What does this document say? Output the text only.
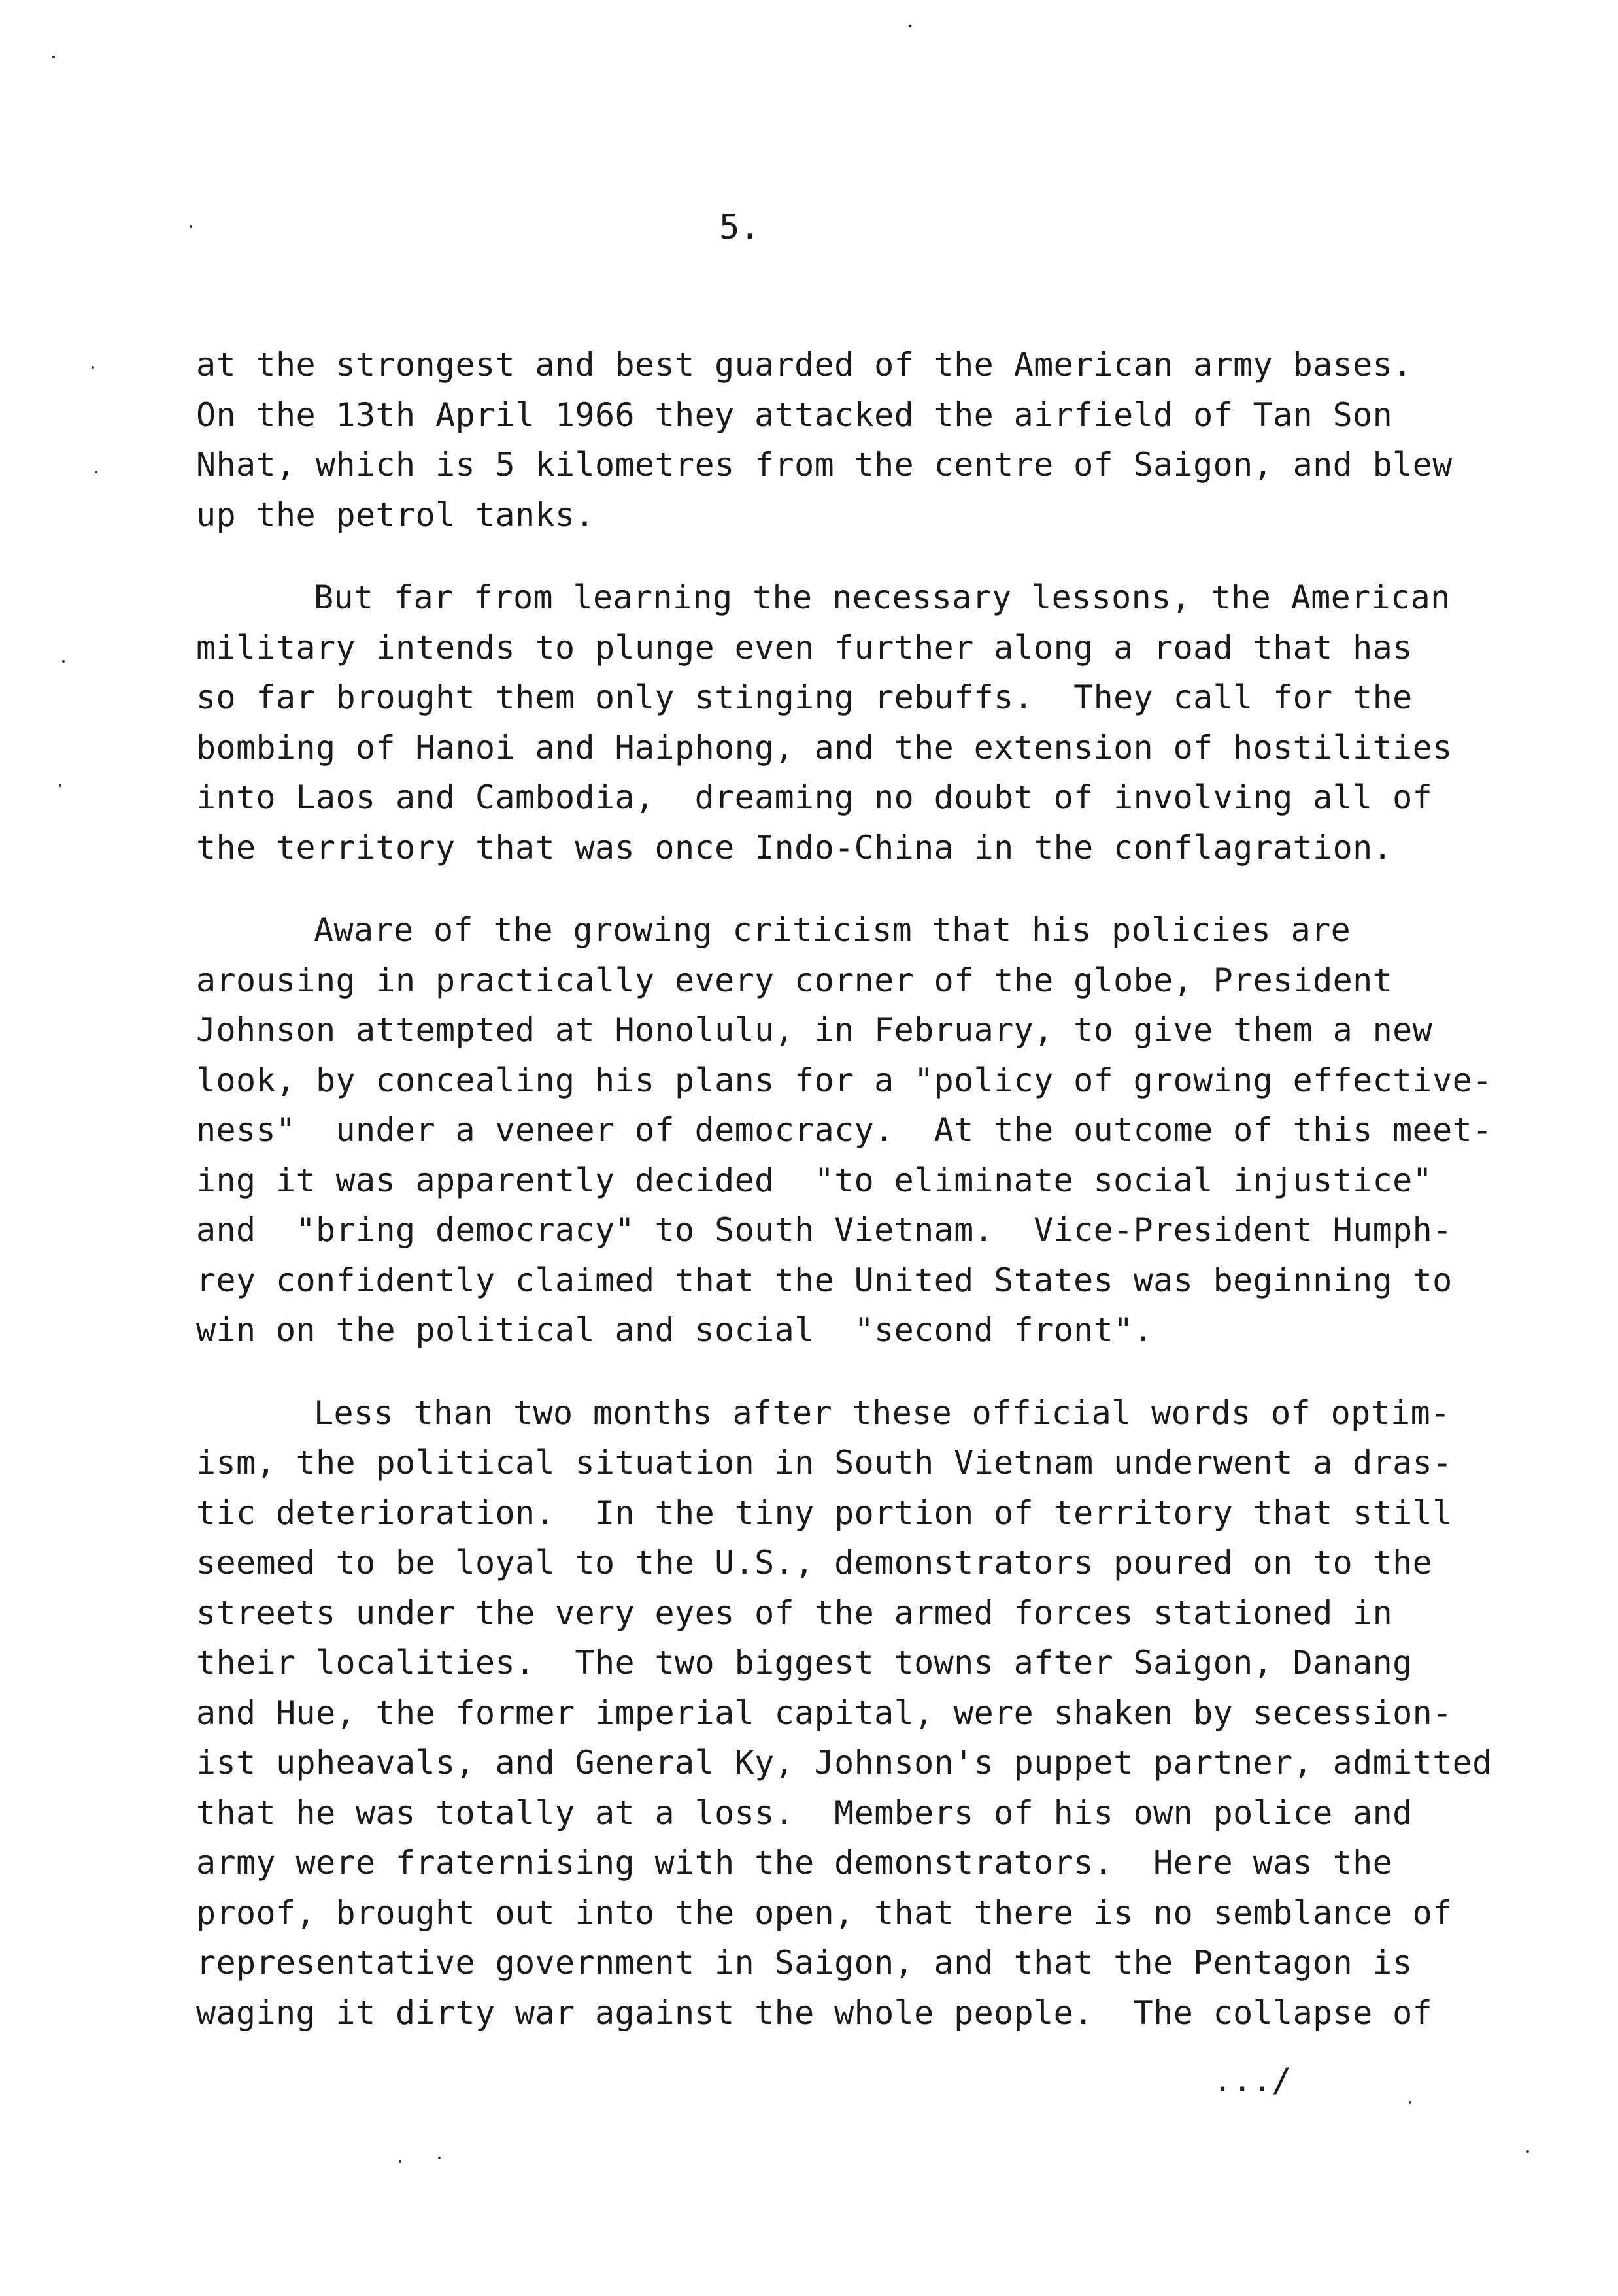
5.
at the strongest and best guarded of the American army bases.
On the 13th April 1966 they attacked the airfield of Tan Son
Nhat, which is 5 kilometres from the centre of Saigon, and blew
up the petrol tanks.
But far from learning the necessary lessons, the American
military intends to plunge even further along a road that has
so far brought them only stinging rebuffs.  They call for the
bombing of Hanoi and Haiphong, and the extension of hostilities
into Laos and Cambodia,  dreaming no doubt of involving all of
the territory that was once Indo-China in the conflagration.
Aware of the growing criticism that his policies are
arousing in practically every corner of the globe, President
Johnson attempted at Honolulu, in February, to give them a new
look, by concealing his plans for a "policy of growing effective-
ness"  under a veneer of democracy.  At the outcome of this meet-
ing it was apparently decided  "to eliminate social injustice"
and  "bring democracy" to South Vietnam.  Vice-President Humph-
rey confidently claimed that the United States was beginning to
win on the political and social  "second front".
Less than two months after these official words of optim-
ism, the political situation in South Vietnam underwent a dras-
tic deterioration.  In the tiny portion of territory that still
seemed to be loyal to the U.S., demonstrators poured on to the
streets under the very eyes of the armed forces stationed in
their localities.  The two biggest towns after Saigon, Danang
and Hue, the former imperial capital, were shaken by secession-
ist upheavals, and General Ky, Johnson's puppet partner, admitted
that he was totally at a loss.  Members of his own police and
army were fraternising with the demonstrators.  Here was the
proof, brought out into the open, that there is no semblance of
representative government in Saigon, and that the Pentagon is
waging it dirty war against the whole people.  The collapse of
.../
